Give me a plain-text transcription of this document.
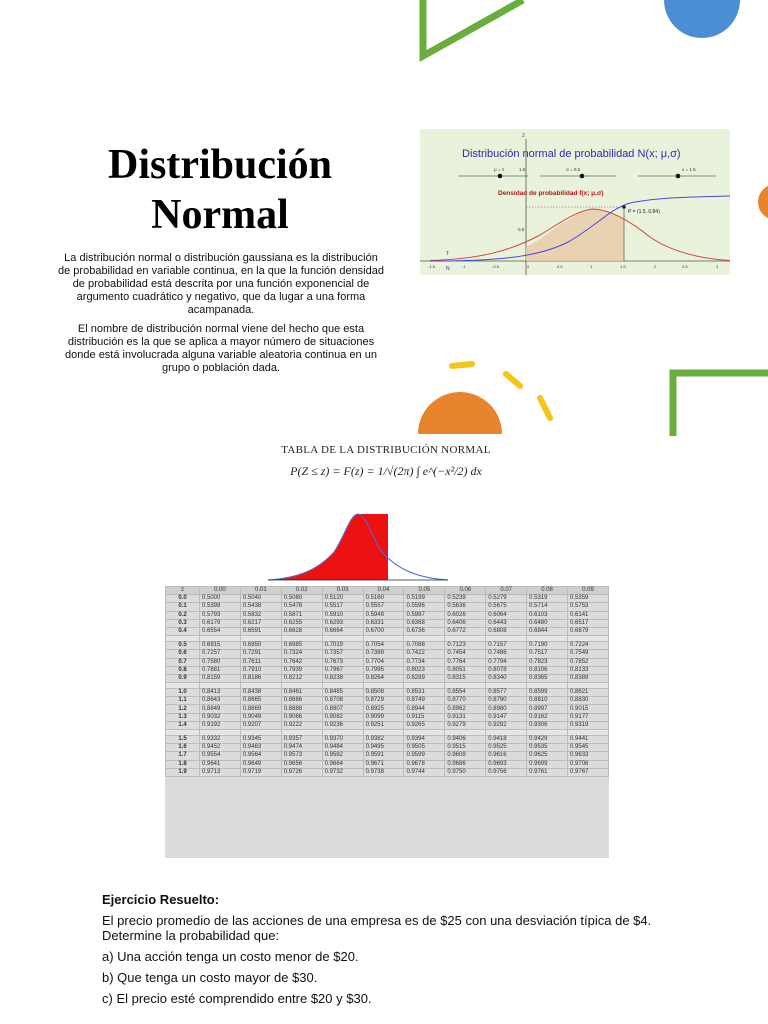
Distribución Normal

La distribución normal o distribución gaussiana es la distribución de probabilidad en variable continua, en la que la función densidad de probabilidad está descrita por una función exponencial de argumento cuadrático y negativo, que da lugar a una forma acampanada.

El nombre de distribución normal viene del hecho que esta distribución es la que se aplica a mayor número de situaciones donde está involucrada alguna variable aleatoria continua en un grupo o población dada.

2
Distribución normal de probabilidad N(x; μ,σ)
μ = 1	1.5	σ = 0.5	x = 1.5
Densidad de probabilidad f(x; μ,σ)
0.5
P = (1.5, 0.84)
T
N
-1.5	-1	-0.5	0	0.5	1	1.5	2	2.5	3
TABLA DE LA DISTRIBUCIÓN NORMAL
P(Z ≤ z) = F(z) = 1/√(2π) ∫ e^(−x²/2) dx
z	0.00	0.01	0.02	0.03	0.04	0.05	0.06	0.07	0.08	0.09
0.0	0.5000	0.5040	0.5080	0.5120	0.5160	0.5199	0.5239	0.5279	0.5319	0.5359
0.1	0.5398	0.5438	0.5478	0.5517	0.5557	0.5596	0.5636	0.5675	0.5714	0.5753
0.2	0.5793	0.5832	0.5871	0.5910	0.5948	0.5987	0.6026	0.6064	0.6103	0.6141
0.3	0.6179	0.6217	0.6255	0.6293	0.6331	0.6368	0.6406	0.6443	0.6480	0.6517
0.4	0.6554	0.6591	0.6628	0.6664	0.6700	0.6736	0.6772	0.6808	0.6844	0.6879

0.5	0.6915	0.6950	0.6985	0.7019	0.7054	0.7088	0.7123	0.7157	0.7190	0.7224
0.6	0.7257	0.7291	0.7324	0.7357	0.7389	0.7422	0.7454	0.7486	0.7517	0.7549
0.7	0.7580	0.7611	0.7642	0.7673	0.7704	0.7734	0.7764	0.7794	0.7823	0.7852
0.8	0.7881	0.7910	0.7939	0.7967	0.7995	0.8023	0.8051	0.8078	0.8106	0.8133
0.9	0.8159	0.8186	0.8212	0.8238	0.8264	0.8289	0.8315	0.8340	0.8365	0.8389

1.0	0.8413	0.8438	0.8461	0.8485	0.8508	0.8531	0.8554	0.8577	0.8599	0.8621
1.1	0.8643	0.8665	0.8686	0.8708	0.8729	0.8749	0.8770	0.8790	0.8810	0.8830
1.2	0.8849	0.8869	0.8888	0.8907	0.8925	0.8944	0.8962	0.8980	0.8997	0.9015
1.3	0.9032	0.9049	0.9066	0.9082	0.9099	0.9115	0.9131	0.9147	0.9162	0.9177
1.4	0.9192	0.9207	0.9222	0.9236	0.9251	0.9265	0.9279	0.9292	0.9306	0.9319

1.5	0.9332	0.9345	0.9357	0.9370	0.9382	0.9394	0.9406	0.9418	0.9429	0.9441
1.6	0.9452	0.9463	0.9474	0.9484	0.9495	0.9505	0.9515	0.9525	0.9535	0.9545
1.7	0.9554	0.9564	0.9573	0.9582	0.9591	0.9599	0.9608	0.9616	0.9625	0.9633
1.8	0.9641	0.9649	0.9656	0.9664	0.9671	0.9678	0.9686	0.9693	0.9699	0.9706
1.9	0.9713	0.9719	0.9726	0.9732	0.9738	0.9744	0.9750	0.9756	0.9761	0.9767
Ejercicio Resuelto:

El precio promedio de las acciones de una empresa es de $25 con una desviación típica de $4. Determine la probabilidad que:

a) Una acción tenga un costo menor de $20.

b) Que tenga un costo mayor de $30.

c) El precio esté comprendido entre $20 y $30.
